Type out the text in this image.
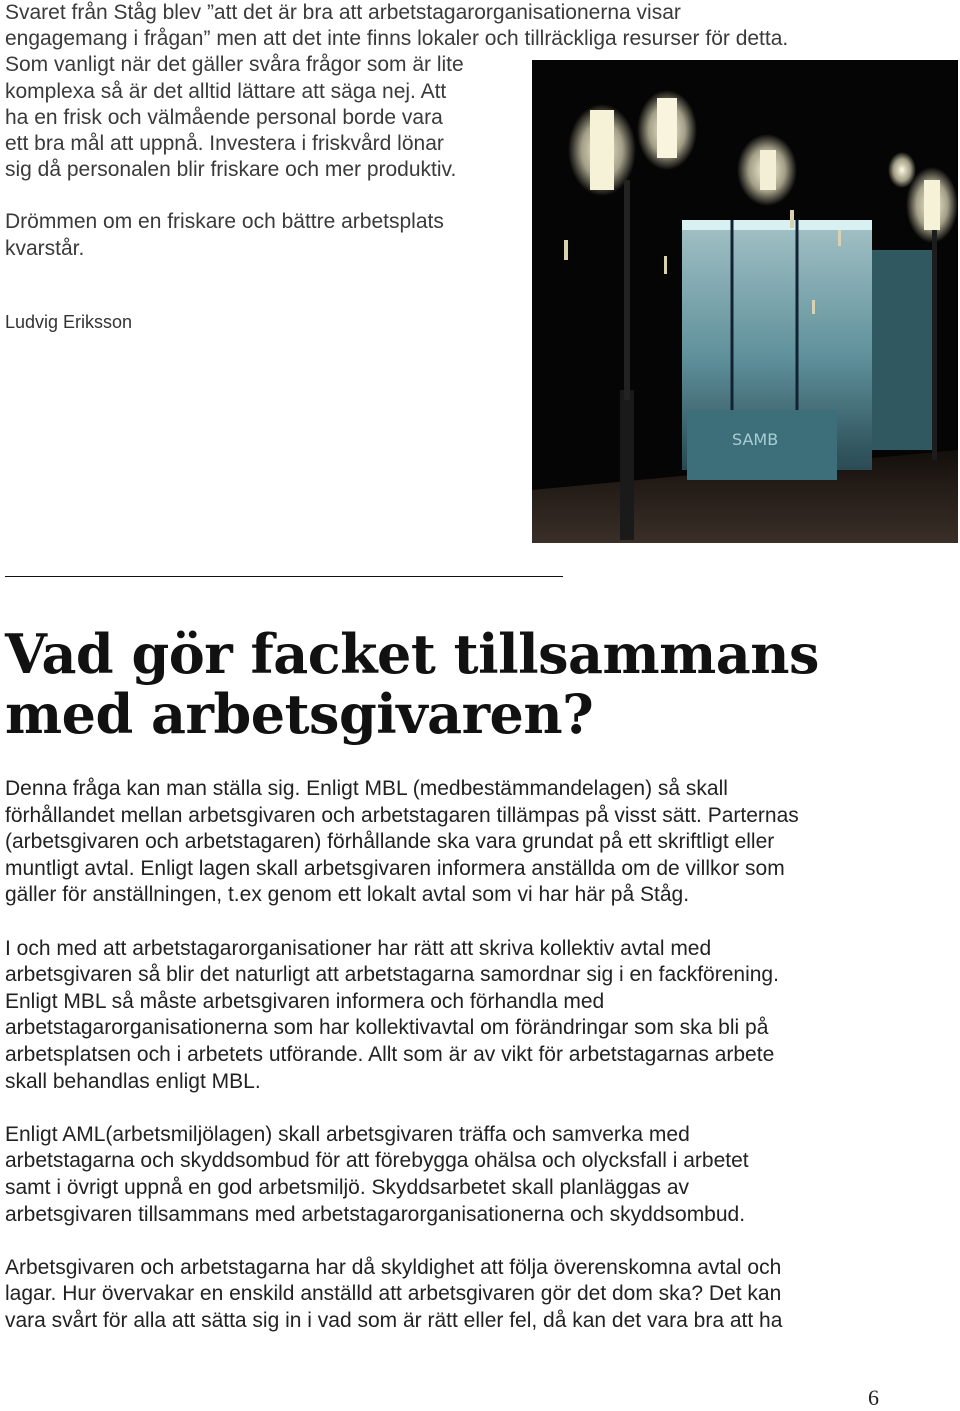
Svaret från Ståg blev ”att det är bra att arbetstagarorganisationerna visar
engagemang i frågan” men att det inte finns lokaler och tillräckliga resurser för detta.
Som vanligt när det gäller svåra frågor som är lite
komplexa så är det alltid lättare att säga nej. Att
ha en frisk och välmående personal borde vara
ett bra mål att uppnå. Investera i friskvård lönar
sig då personalen blir friskare och mer produktiv.
Drömmen om en friskare och bättre arbetsplats
kvarstår.
Ludvig Eriksson
SAMB
Vad gör facket tillsammans
med arbetsgivaren?

Denna fråga kan man ställa sig. Enligt MBL (medbestämmandelagen) så skall
förhållandet mellan arbetsgivaren och arbetstagaren tillämpas på visst sätt. Parternas
(arbetsgivaren och arbetstagaren) förhållande ska vara grundat på ett skriftligt eller
muntligt avtal. Enligt lagen skall arbetsgivaren informera anställda om de villkor som
gäller för anställningen, t.ex genom ett lokalt avtal som vi har här på Ståg.

I och med att arbetstagarorganisationer har rätt att skriva kollektiv avtal med
arbetsgivaren så blir det naturligt att arbetstagarna samordnar sig i en fackförening.
Enligt MBL så måste arbetsgivaren informera och förhandla med
arbetstagarorganisationerna som har kollektivavtal om förändringar som ska bli på
arbetsplatsen och i arbetets utförande. Allt som är av vikt för arbetstagarnas arbete
skall behandlas enligt MBL.

Enligt AML(arbetsmiljölagen) skall arbetsgivaren träffa och samverka med
arbetstagarna och skyddsombud för att förebygga ohälsa och olycksfall i arbetet
samt i övrigt uppnå en god arbetsmiljö. Skyddsarbetet skall planläggas av
arbetsgivaren tillsammans med arbetstagarorganisationerna och skyddsombud.

Arbetsgivaren och arbetstagarna har då skyldighet att följa överenskomna avtal och
lagar. Hur övervakar en enskild anställd att arbetsgivaren gör det dom ska? Det kan
vara svårt för alla att sätta sig in i vad som är rätt eller fel, då kan det vara bra att ha

6
